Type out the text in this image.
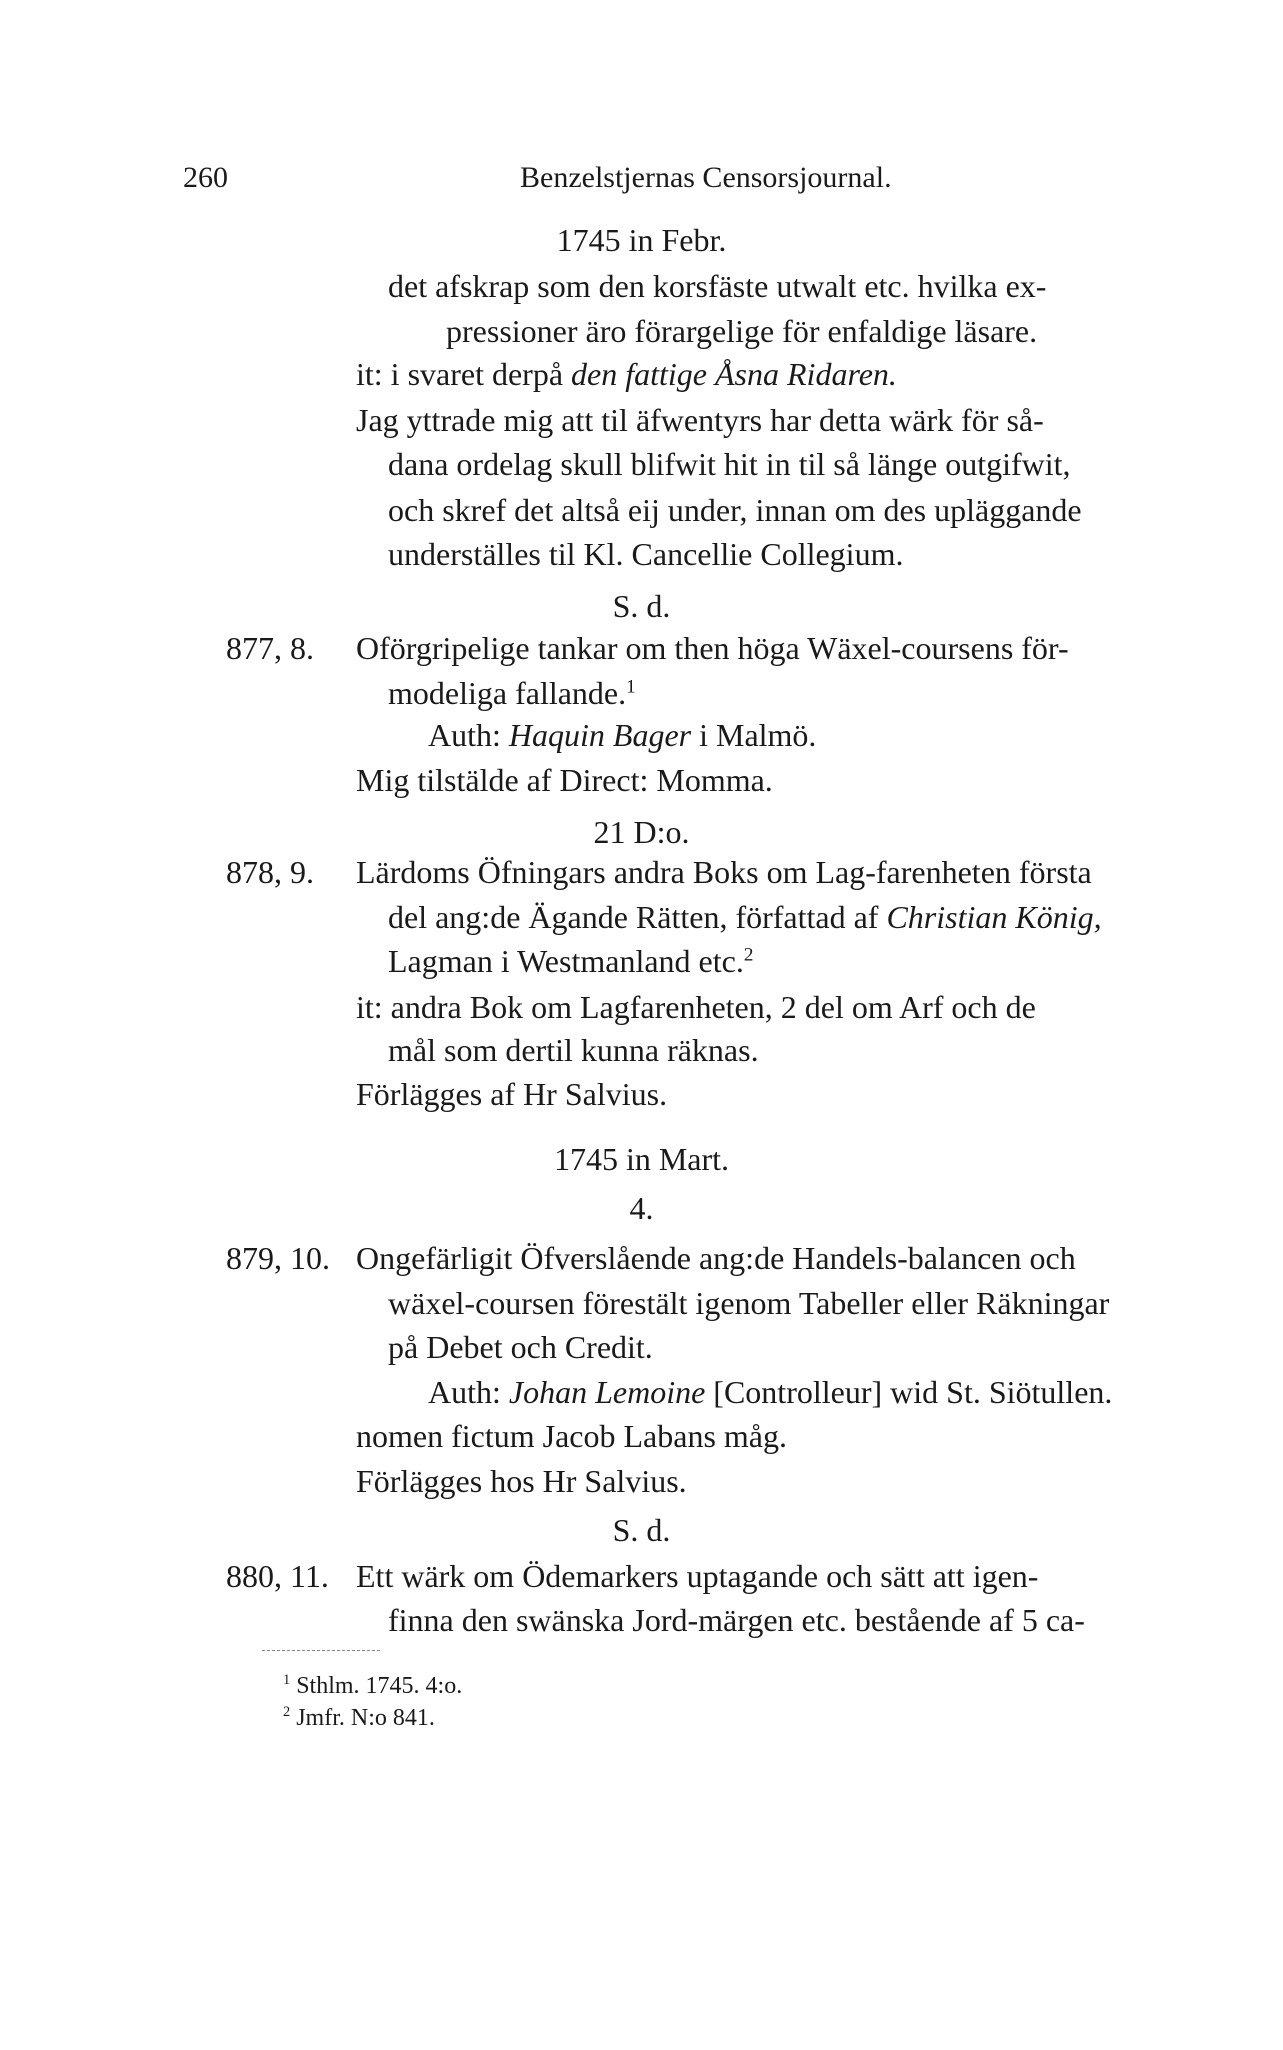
260	Benzelstjernas Censorsjournal.
1745 in Febr.
det afskrap som den korsfäste utwalt etc. hvilka ex-
pressioner äro förargelige för enfaldige läsare.
it: i svaret derpå den fattige Åsna Ridaren.
Jag yttrade mig att til äfwentyrs har detta wärk för så-
dana ordelag skull blifwit hit in til så länge outgifwit,
och skref det altså eij under, innan om des upläggande
underställes til Kl. Cancellie Collegium.
S. d.
877, 8. Oförgripelige tankar om then höga Wäxel-coursens för-
modeliga fallande.$^1$
Auth: Haquin Bager i Malmö.
Mig tilstälde af Direct: Momma.
21 D:o.
878, 9. Lärdoms Öfningars andra Boks om Lag-farenheten första
del ang:de Ägande Rätten, författad af Christian König,
Lagman i Westmanland etc.$^2$
it: andra Bok om Lagfarenheten, 2 del om Arf och de
mål som dertil kunna räknas.
Förlägges af Hr Salvius.
1745 in Mart.
4.
879, 10. Ongefärligit Öfverslående ang:de Handels-balancen och
wäxel-coursen förestält igenom Tabeller eller Räkningar
på Debet och Credit.
Auth: Johan Lemoine [Controlleur] wid St. Siötullen.
nomen fictum Jacob Labans måg.
Förlägges hos Hr Salvius.
S. d.
880, 11. Ett wärk om Ödemarkers uptagande och sätt att igen-
finna den swänska Jord-märgen etc. bestående af 5 ca-
$^1$ Sthlm. 1745. 4:o.
$^2$ Jmfr. N:o 841.
